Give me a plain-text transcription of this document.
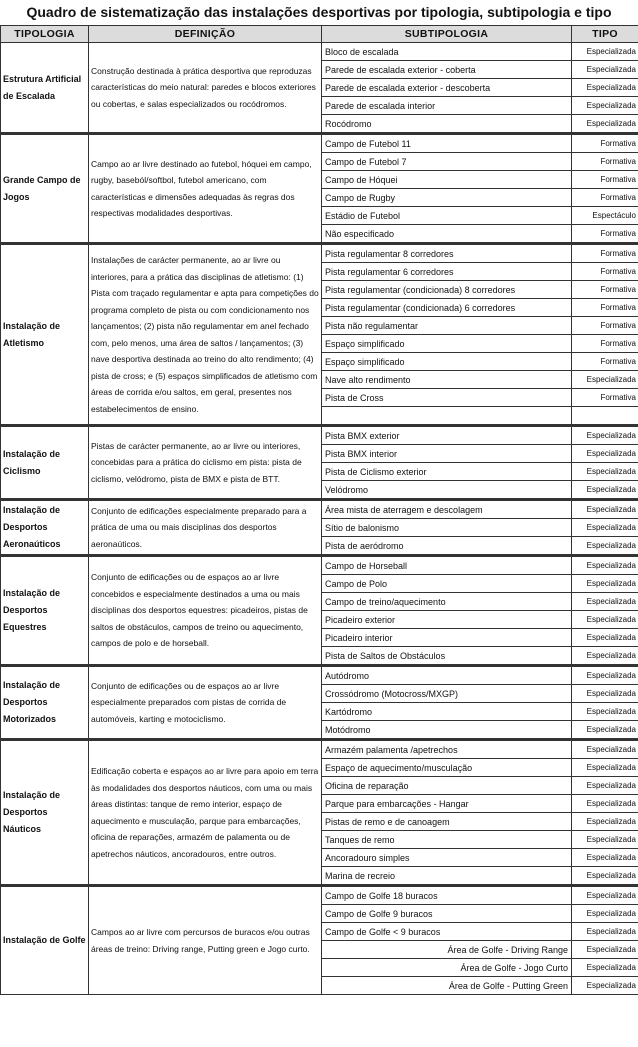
Quadro de sistematização das instalações desportivas por tipologia, subtipologia e tipo
TIPOLOGIA	DEFINIÇÃO	SUBTIPOLOGIA	TIPO
Estrutura Artificial de Escalada	Construção destinada à prática desportiva que reproduzas características do meio natural: paredes e blocos exteriores ou cobertas, e salas especializados ou rocódromos.	Bloco de escalada	Especializada
		Parede de escalada exterior - coberta	Especializada
		Parede de escalada exterior - descoberta	Especializada
		Parede de escalada interior	Especializada
		Rocódromo	Especializada
Grande Campo de Jogos	Campo ao ar livre destinado ao futebol, hóquei em campo, rugby, baseból/softbol, futebol americano, com características e dimensões adequadas às regras dos respectivas modalidades desportivas.	Campo de Futebol 11	Formativa
		Campo de Futebol 7	Formativa
		Campo de Hóquei	Formativa
		Campo de Rugby	Formativa
		Estádio de Futebol	Espectáculo
		Não especificado	Formativa
Instalação de Atletismo	Instalações de carácter permanente, ao ar livre ou interiores, para a prática das disciplinas de atletismo: (1) Pista com traçado regulamentar e apta para competições do programa completo de pista ou com condicionamento nos lançamentos; (2) pista não regulamentar em anel fechado com, pelo menos, uma área de saltos / lançamentos; (3) nave desportiva destinada ao treino do alto rendimento; (4) pista de cross; e (5) espaços simplificados de atletismo com áreas de corrida e/ou saltos, em geral, presentes nos estabelecimentos de ensino.	Pista regulamentar 8 corredores	Formativa
		Pista regulamentar 6 corredores	Formativa
		Pista regulamentar (condicionada) 8 corredores	Formativa
		Pista regulamentar (condicionada) 6 corredores	Formativa
		Pista não regulamentar	Formativa
		Espaço simplificado	Formativa
		Espaço simplificado	Formativa
		Nave alto rendimento	Especializada
		Pista de Cross	Formativa

Instalação de Ciclismo	Pistas de carácter permanente, ao ar livre ou interiores, concebidas para a prática do ciclismo em pista: pista de ciclismo, velódromo, pista de BMX e pista de BTT.	Pista BMX exterior	Especializada
		Pista BMX interior	Especializada
		Pista de Ciclismo exterior	Especializada
		Velódromo	Especializada
Instalação de Desportos Aeronaúticos	Conjunto de edificações especialmente preparado para a prática de uma ou mais disciplinas dos desportos aeronaúticos.	Área mista de aterragem e descolagem	Especializada
		Sítio de balonismo	Especializada
		Pista de aeródromo	Especializada
Instalação de Desportos Equestres	Conjunto de edificações ou de espaços ao ar livre concebidos e especialmente destinados a uma ou mais disciplinas dos desportos equestres: picadeiros, pistas de saltos de obstáculos, campos de treino ou aquecimento, campos de polo e de horseball.	Campo de Horseball	Especializada
		Campo de Polo	Especializada
		Campo de treino/aquecimento	Especializada
		Picadeiro exterior	Especializada
		Picadeiro interior	Especializada
		Pista de Saltos de Obstáculos	Especializada
Instalação de Desportos Motorizados	Conjunto de edificações ou de espaços ao ar livre especialmente preparados com pistas de corrida de automóveis, karting e motociclismo.	Autódromo	Especializada
		Crossódromo (Motocross/MXGP)	Especializada
		Kartódromo	Especializada
		Motódromo	Especializada
Instalação de Desportos Náuticos	Edificação coberta e espaços ao ar livre para apoio em terra às modalidades dos desportos náuticos, com uma ou mais áreas distintas: tanque de remo interior, espaço de aquecimento e musculação, parque para embarcações, oficina de reparações, armazém de palamenta ou de apetrechos náuticos, ancoradouros, entre outros.	Armazém palamenta /apetrechos	Especializada
		Espaço de aquecimento/musculação	Especializada
		Oficina de reparação	Especializada
		Parque para embarcações - Hangar	Especializada
		Pistas de remo e de canoagem	Especializada
		Tanques de remo	Especializada
		Ancoradouro simples	Especializada
		Marina de recreio	Especializada
Instalação de Golfe	Campos ao ar livre com percursos de buracos e/ou outras áreas de treino: Driving range, Putting green e Jogo curto.	Campo de Golfe 18 buracos	Especializada
		Campo de Golfe 9 buracos	Especializada
		Campo de Golfe < 9 buracos	Especializada
		Área de Golfe - Driving Range	Especializada
		Área de Golfe - Jogo Curto	Especializada
		Área de Golfe - Putting Green	Especializada
